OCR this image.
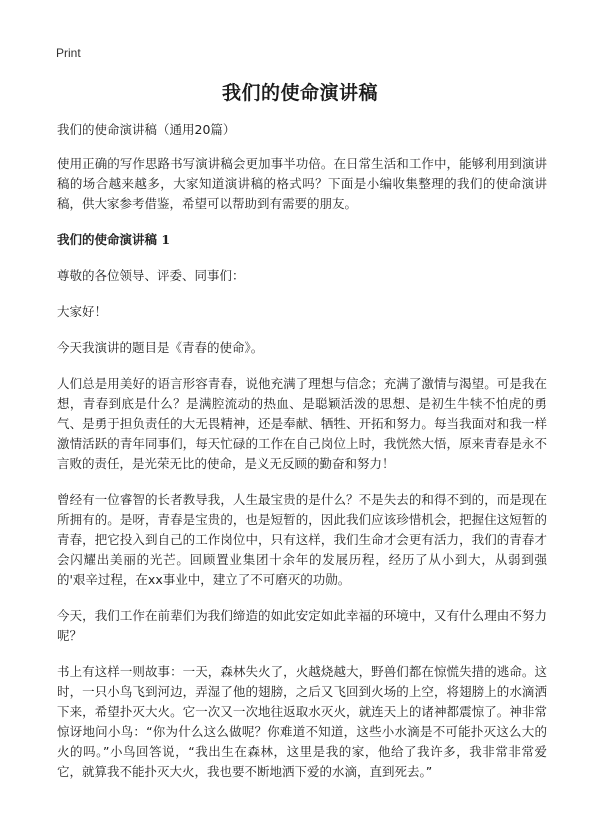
Print
我们的使命演讲稿

我们的使命演讲稿（通用20篇）

使用正确的写作思路书写演讲稿会更加事半功倍。在日常生活和工作中，能够利用到演讲稿的场合越来越多，大家知道演讲稿的格式吗？下面是小编收集整理的我们的使命演讲稿，供大家参考借鉴，希望可以帮助到有需要的朋友。

我们的使命演讲稿 1

尊敬的各位领导、评委、同事们：

大家好！

今天我演讲的题目是《青春的使命》。

人们总是用美好的语言形容青春，说他充满了理想与信念；充满了激情与渴望。可是我在想，青春到底是什么？是满腔流动的热血、是聪颖活泼的思想、是初生牛犊不怕虎的勇气、是勇于担负责任的大无畏精神，还是奉献、牺牲、开拓和努力。每当我面对和我一样激情活跃的青年同事们，每天忙碌的工作在自己岗位上时，我恍然大悟，原来青春是永不言败的责任，是光荣无比的使命，是义无反顾的勤奋和努力！

曾经有一位睿智的长者教导我，人生最宝贵的是什么？不是失去的和得不到的，而是现在所拥有的。是呀，青春是宝贵的，也是短暂的，因此我们应该珍惜机会，把握住这短暂的青春，把它投入到自己的工作岗位中，只有这样，我们生命才会更有活力，我们的青春才会闪耀出美丽的光芒。回顾置业集团十余年的发展历程，经历了从小到大，从弱到强的'艰辛过程，在xx事业中，建立了不可磨灭的功勋。

今天，我们工作在前辈们为我们缔造的如此安定如此幸福的环境中，又有什么理由不努力呢？

书上有这样一则故事：一天，森林失火了，火越烧越大，野兽们都在惊慌失措的逃命。这时，一只小鸟飞到河边，弄湿了他的翅膀，之后又飞回到火场的上空，将翅膀上的水滴洒下来，希望扑灭大火。它一次又一次地往返取水灭火，就连天上的诸神都震惊了。神非常惊讶地问小鸟：“你为什么这么做呢？你难道不知道，这些小水滴是不可能扑灭这么大的火的吗。”小鸟回答说，“我出生在森林，这里是我的家，他给了我许多，我非常非常爱它，就算我不能扑灭大火，我也要不断地洒下爱的水滴，直到死去。”
